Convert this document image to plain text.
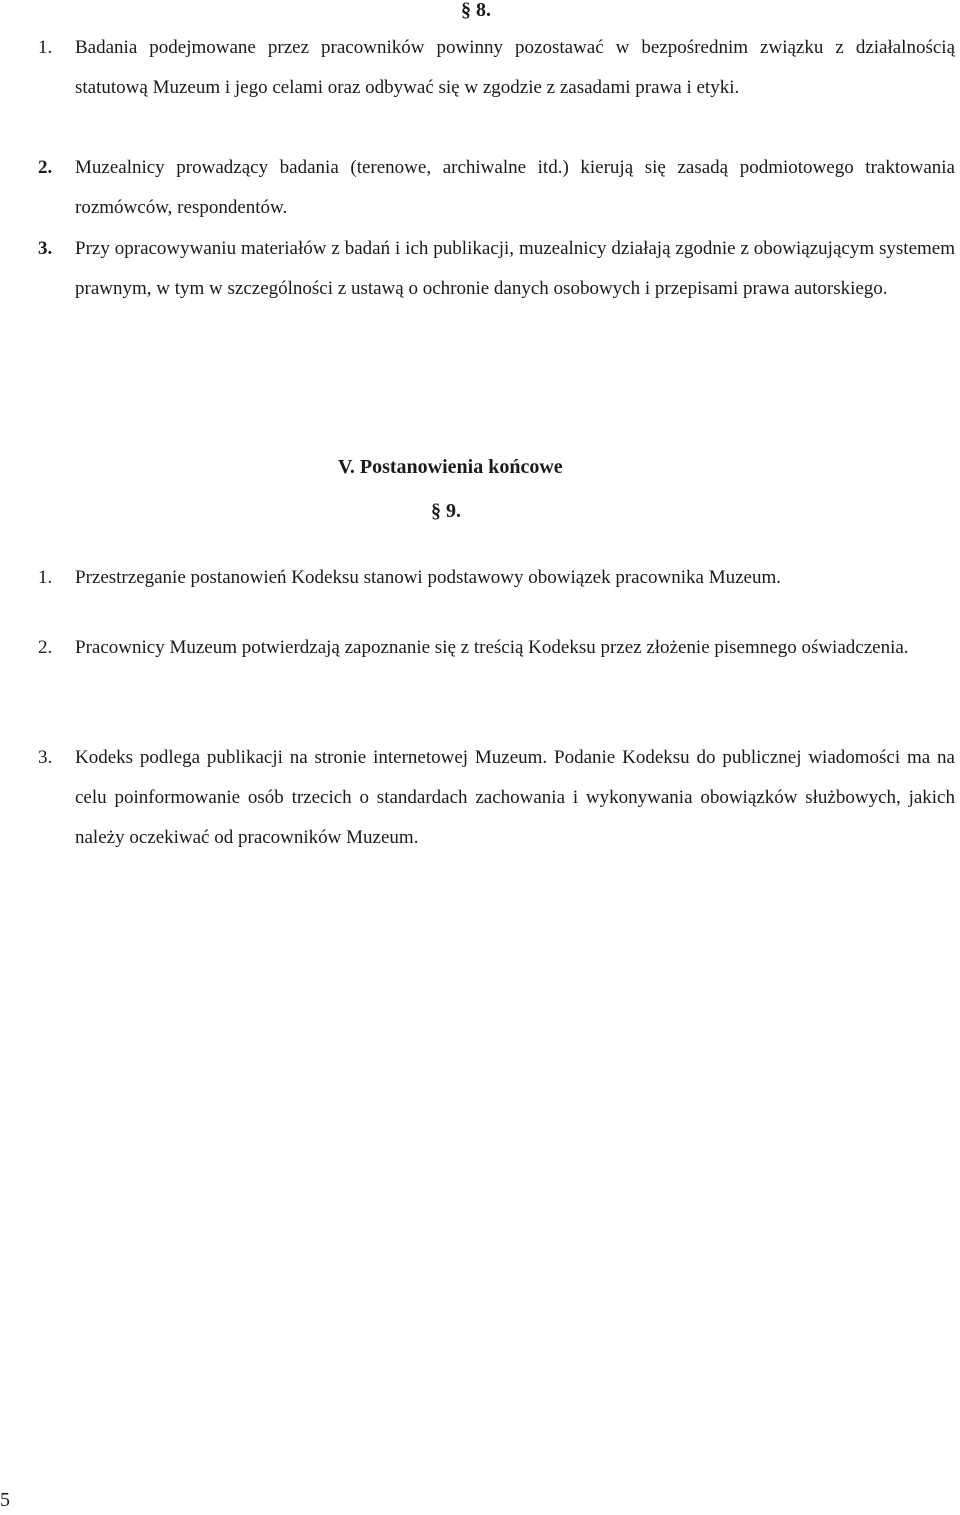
§ 8.
1. Badania podejmowane przez pracowników powinny pozostawać w bezpośrednim związku z działalnością statutową Muzeum i jego celami oraz odbywać się w zgodzie z zasadami prawa i etyki.
2. Muzealnicy prowadzący badania (terenowe, archiwalne itd.) kierują się zasadą podmiotowego traktowania rozmówców, respondentów.
3. Przy opracowywaniu materiałów z badań i ich publikacji, muzealnicy działają zgodnie z obowiązującym systemem prawnym, w tym w szczególności z ustawą o ochronie danych osobowych i przepisami prawa autorskiego.
V. Postanowienia końcowe
§ 9.
1. Przestrzeganie postanowień Kodeksu stanowi podstawowy obowiązek pracownika Muzeum.
2. Pracownicy Muzeum potwierdzają zapoznanie się z treścią Kodeksu przez złożenie pisemnego oświadczenia.
3. Kodeks podlega publikacji na stronie internetowej Muzeum. Podanie Kodeksu do publicznej wiadomości ma na celu poinformowanie osób trzecich o standardach zachowania i wykonywania obowiązków służbowych, jakich należy oczekiwać od pracowników Muzeum.
5
